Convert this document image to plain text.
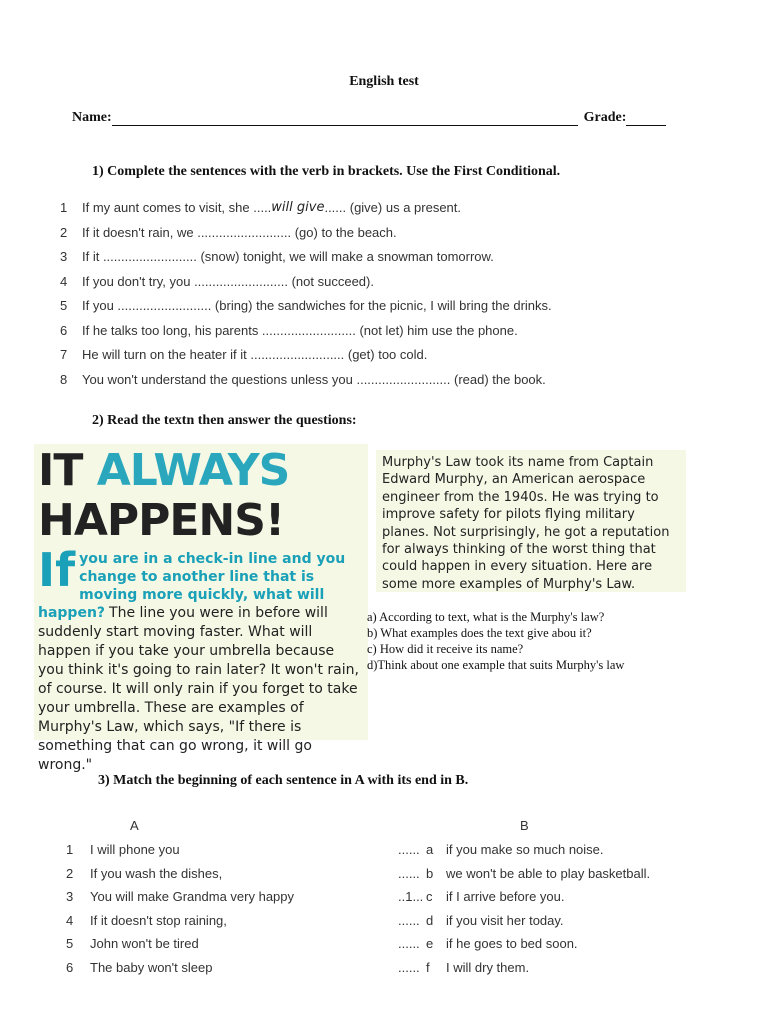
English test
Name:	Grade:
1) Complete the sentences with the verb in brackets. Use the First Conditional.
1	If my aunt comes to visit, she ..... will give ...... (give) us a present.
2	If it doesn't rain, we .......................... (go) to the beach.
3	If it .......................... (snow) tonight, we will make a snowman tomorrow.
4	If you don't try, you .......................... (not succeed).
5	If you .......................... (bring) the sandwiches for the picnic, I will bring the drinks.
6	If he talks too long, his parents .......................... (not let) him use the phone.
7	He will turn on the heater if it .......................... (get) too cold.
8	You won't understand the questions unless you .......................... (read) the book.
2) Read the textn then answer the questions:
IT ALWAYS
HAPPENS!
If you are in a check-in line and you change to another line that is moving more quickly, what will happen? The line you were in before will suddenly start moving faster. What will happen if you take your umbrella because you think it's going to rain later? It won't rain, of course. It will only rain if you forget to take your umbrella. These are examples of Murphy's Law, which says, "If there is something that can go wrong, it will go wrong."
Murphy's Law took its name from Captain Edward Murphy, an American aerospace engineer from the 1940s. He was trying to improve safety for pilots flying military planes. Not surprisingly, he got a reputation for always thinking of the worst thing that could happen in every situation. Here are some more examples of Murphy's Law.
a) According to text, what is the Murphy's law?
b) What examples does the text give abou it?
c) How did it receive its name?
d)Think about one example that suits Murphy's law
3) Match the beginning of each sentence in A with its end in B.
A	B
1	I will phone you	...... a if you make so much noise.
2	If you wash the dishes,	...... b we won't be able to play basketball.
3	You will make Grandma very happy	..1... c if I arrive before you.
4	If it doesn't stop raining,	...... d if you visit her today.
5	John won't be tired	...... e if he goes to bed soon.
6	The baby won't sleep	...... f I will dry them.
